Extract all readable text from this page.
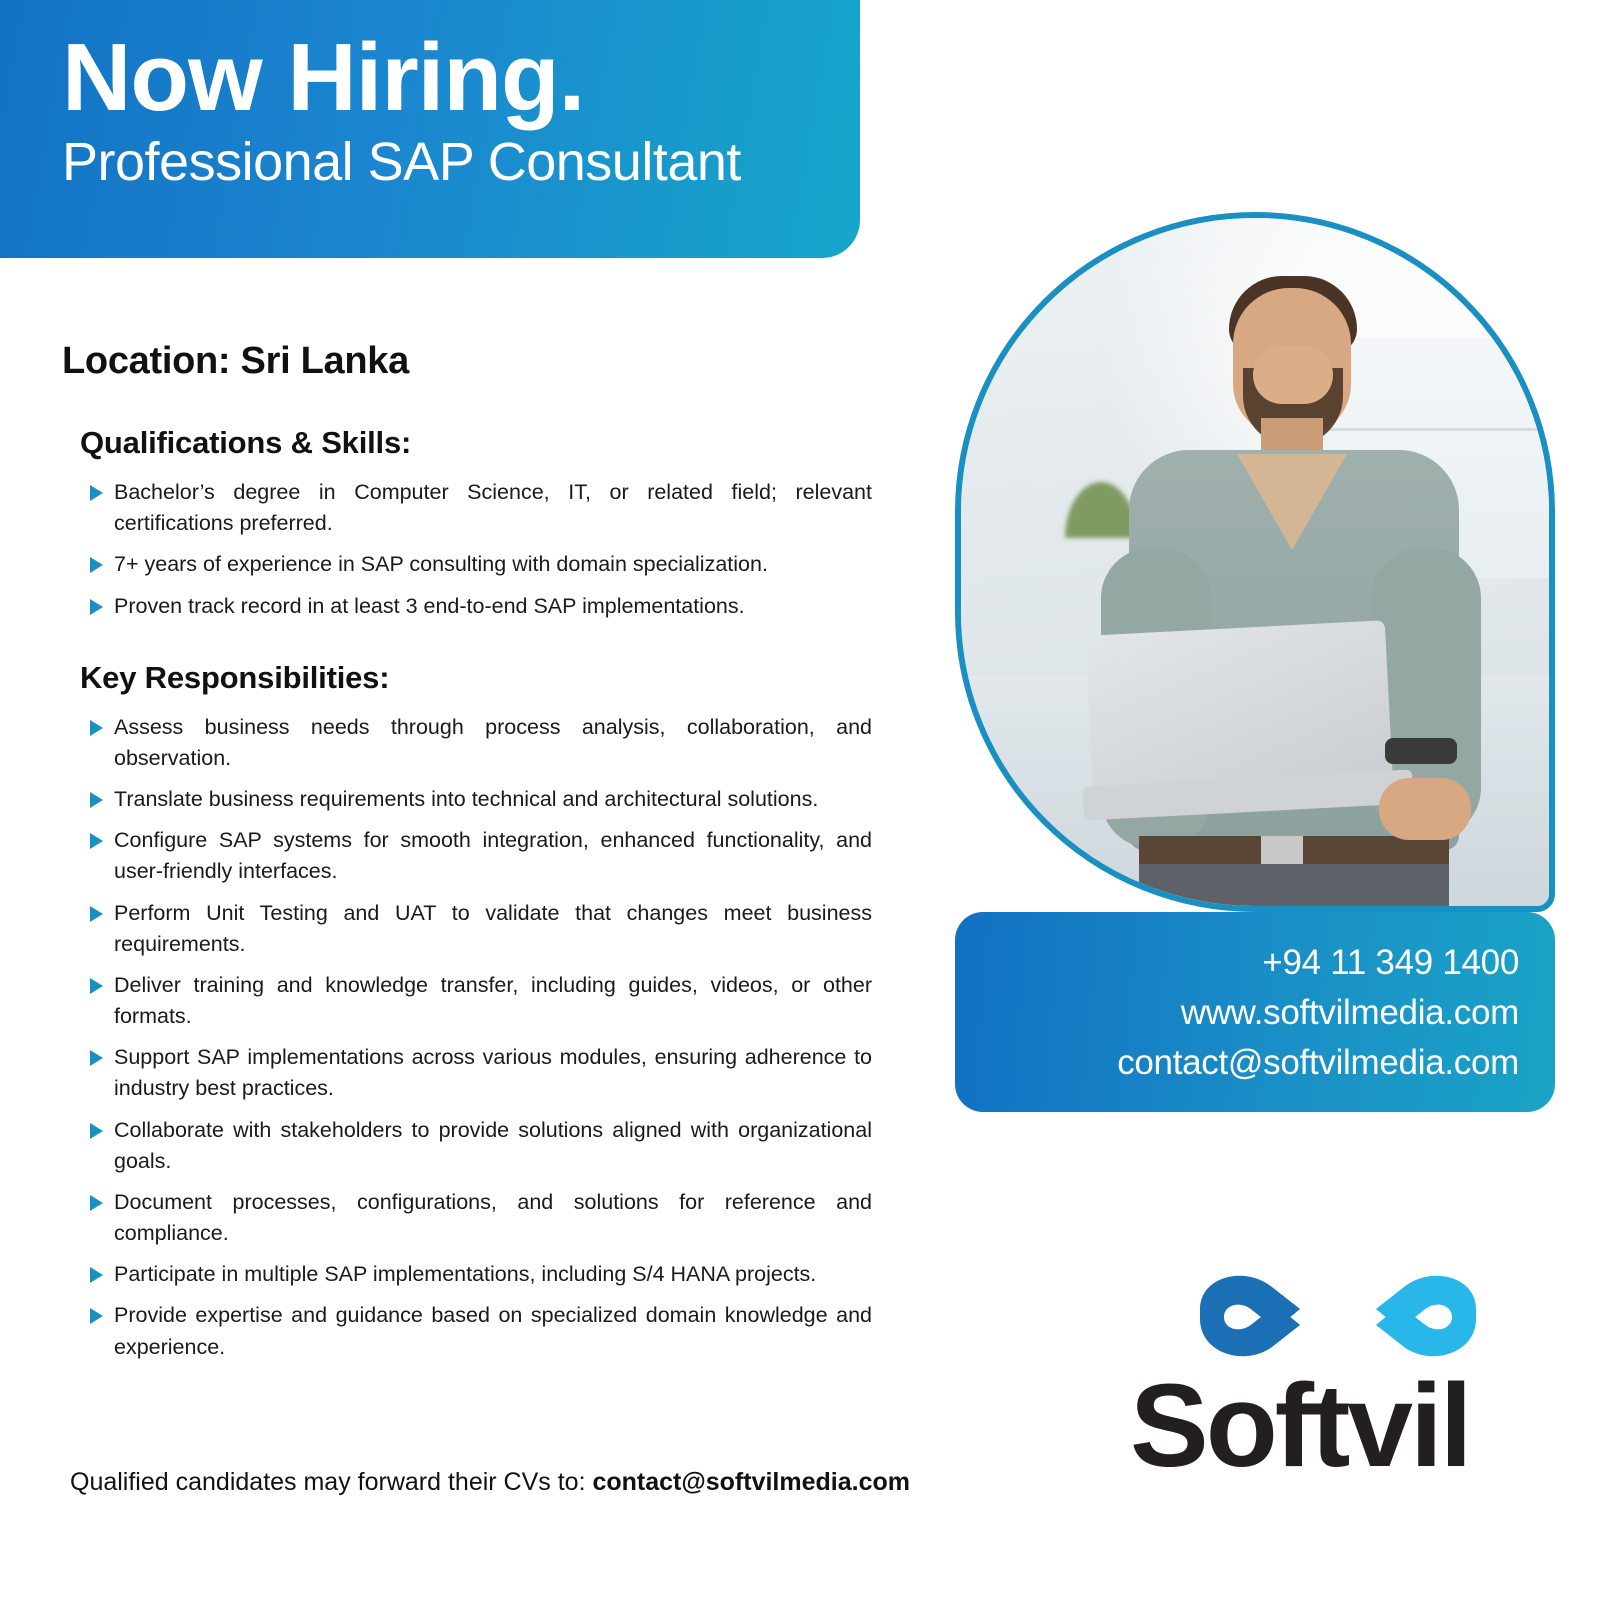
Now Hiring.
Professional SAP Consultant
Location: Sri Lanka
Qualifications & Skills:
Bachelor’s degree in Computer Science, IT, or related field; relevant certifications preferred.
7+ years of experience in SAP consulting with domain specialization.
Proven track record in at least 3 end-to-end SAP implementations.
Key Responsibilities:
Assess business needs through process analysis, collaboration, and observation.
Translate business requirements into technical and architectural solutions.
Configure SAP systems for smooth integration, enhanced functionality, and user-friendly interfaces.
Perform Unit Testing and UAT to validate that changes meet business requirements.
Deliver training and knowledge transfer, including guides, videos, or other formats.
Support SAP implementations across various modules, ensuring adherence to industry best practices.
Collaborate with stakeholders to provide solutions aligned with organizational goals.
Document processes, configurations, and solutions for reference and compliance.
Participate in multiple SAP implementations, including S/4 HANA projects.
Provide expertise and guidance based on specialized domain knowledge and experience.
+94 11 349 1400
www.softvilmedia.com
contact@softvilmedia.com
Softvil
Qualified candidates may forward their CVs to: contact@softvilmedia.com
